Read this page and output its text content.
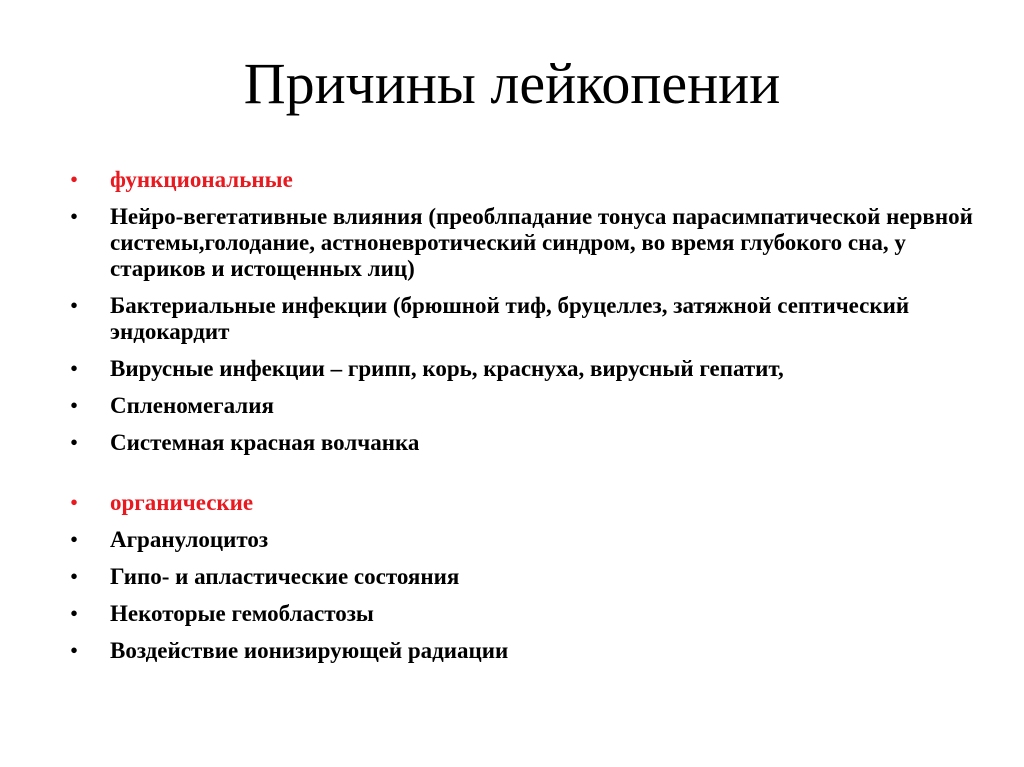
Причины лейкопении
•	функциональные
•	Нейро-вегетативные влияния (преоблпадание тонуса парасимпатической нервной системы,голодание, астноневротический синдром, во время глубокого сна, у стариков и истощенных лиц)
•	Бактериальные инфекции (брюшной тиф, бруцеллез, затяжной септический эндокардит
•	Вирусные инфекции – грипп, корь, краснуха, вирусный гепатит,
•	Спленомегалия
•	Системная красная волчанка
•	органические
•	Агранулоцитоз
•	Гипо- и апластические состояния
•	Некоторые гемобластозы
•	Воздействие ионизирующей радиации
